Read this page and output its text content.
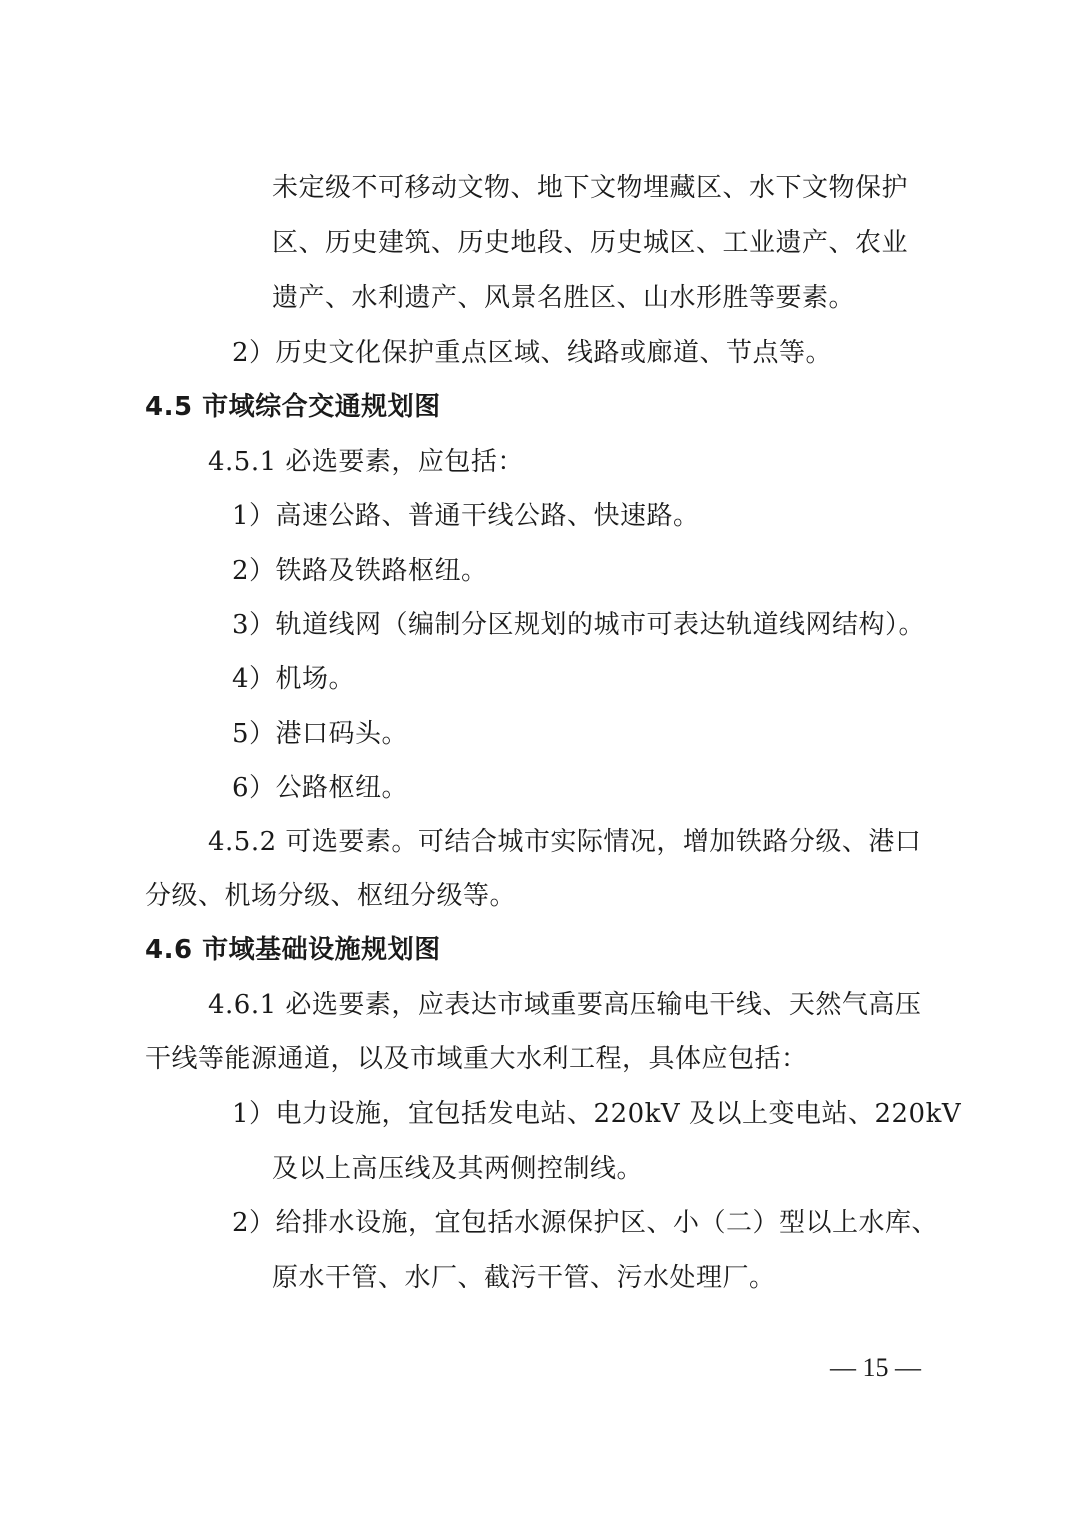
未定级不可移动文物、地下文物埋藏区、水下文物保护
区、历史建筑、历史地段、历史城区、工业遗产、农业
遗产、水利遗产、风景名胜区、山水形胜等要素。
2）历史文化保护重点区域、线路或廊道、节点等。
4.5 市域综合交通规划图
4.5.1 必选要素，应包括：
1）高速公路、普通干线公路、快速路。
2）铁路及铁路枢纽。
3）轨道线网（编制分区规划的城市可表达轨道线网结构）。
4）机场。
5）港口码头。
6）公路枢纽。
4.5.2 可选要素。可结合城市实际情况，增加铁路分级、港口
分级、机场分级、枢纽分级等。
4.6 市域基础设施规划图
4.6.1 必选要素，应表达市域重要高压输电干线、天然气高压
干线等能源通道，以及市域重大水利工程，具体应包括：
1）电力设施，宜包括发电站、220kV 及以上变电站、220kV
及以上高压线及其两侧控制线。
2）给排水设施，宜包括水源保护区、小（二）型以上水库、
原水干管、水厂、截污干管、污水处理厂。
— 15 —
